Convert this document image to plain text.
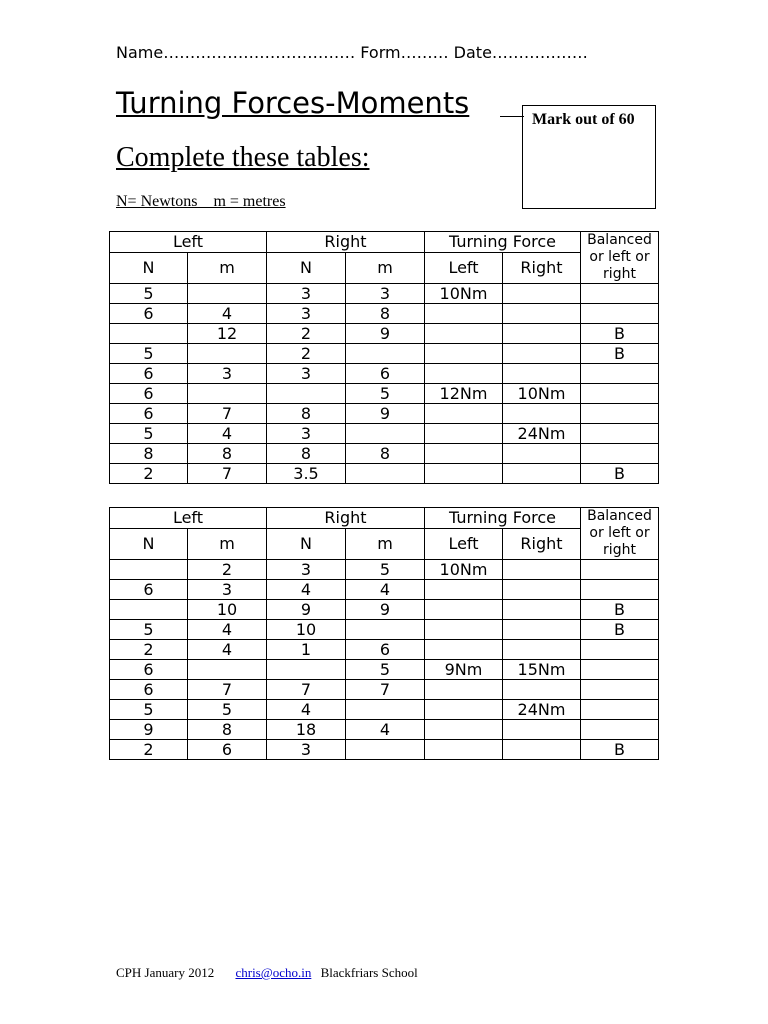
Name……………………………… Form……… Date………………
Turning Forces-Moments	Mark out of 60
Complete these tables:
N= Newtons    m = metres
Left		Right		Turning Force		Balanced or left or right
N	m	N	m	Left	Right	
5		3	3	10Nm		
6	4	3	8			
	12	2	9			B
5		2				B
6	3	3	6			
6			5	12Nm	10Nm	
6	7	8	9			
5	4	3			24Nm	
8	8	8	8			
2	7	3.5				B
Left		Right		Turning Force		Balanced or left or right
N	m	N	m	Left	Right	
	2	3	5	10Nm		
6	3	4	4			
	10	9	9			B
5	4	10				B
2	4	1	6			
6			5	9Nm	15Nm	
6	7	7	7			
5	5	4			24Nm	
9	8	18	4			
2	6	3				B
CPH January 2012 chris@ocho.in Blackfriars School
